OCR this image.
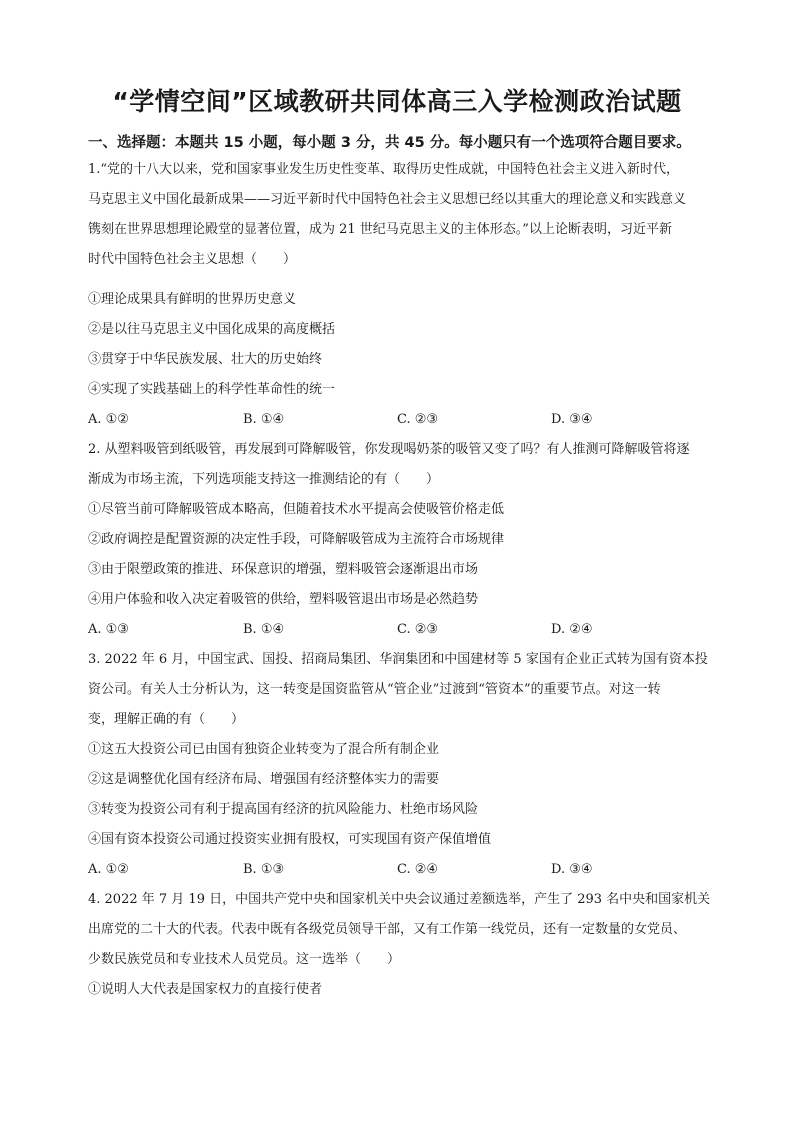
“学情空间”区域教研共同体高三入学检测政治试题
一、选择题：本题共 15 小题，每小题 3 分，共 45 分。每小题只有一个选项符合题目要求。
1.“党的十八大以来，党和国家事业发生历史性变革、取得历史性成就，中国特色社会主义进入新时代，
马克思主义中国化最新成果——习近平新时代中国特色社会主义思想已经以其重大的理论意义和实践意义
镌刻在世界思想理论殿堂的显著位置，成为 21 世纪马克思主义的主体形态。”以上论断表明，习近平新
时代中国特色社会主义思想（　　）
①理论成果具有鲜明的世界历史意义
②是以往马克思主义中国化成果的高度概括
③贯穿于中华民族发展、壮大的历史始终
④实现了实践基础上的科学性革命性的统一
A. ①②	B. ①④	C. ②③	D. ③④
2. 从塑料吸管到纸吸管，再发展到可降解吸管，你发现喝奶茶的吸管又变了吗？有人推测可降解吸管将逐
渐成为市场主流，下列选项能支持这一推测结论的有（　　）
①尽管当前可降解吸管成本略高，但随着技术水平提高会使吸管价格走低
②政府调控是配置资源的决定性手段，可降解吸管成为主流符合市场规律
③由于限塑政策的推进、环保意识的增强，塑料吸管会逐渐退出市场
④用户体验和收入决定着吸管的供给，塑料吸管退出市场是必然趋势
A. ①③	B. ①④	C. ②③	D. ②④
3. 2022 年 6 月，中国宝武、国投、招商局集团、华润集团和中国建材等 5 家国有企业正式转为国有资本投
资公司。有关人士分析认为，这一转变是国资监管从“管企业”过渡到“管资本”的重要节点。对这一转
变，理解正确的有（　　）
①这五大投资公司已由国有独资企业转变为了混合所有制企业
②这是调整优化国有经济布局、增强国有经济整体实力的需要
③转变为投资公司有利于提高国有经济的抗风险能力、杜绝市场风险
④国有资本投资公司通过投资实业拥有股权，可实现国有资产保值增值
A. ①②	B. ①③	C. ②④	D. ③④
4. 2022 年 7 月 19 日，中国共产党中央和国家机关中央会议通过差额选举，产生了 293 名中央和国家机关
出席党的二十大的代表。代表中既有各级党员领导干部，又有工作第一线党员，还有一定数量的女党员、
少数民族党员和专业技术人员党员。这一选举（　　）
①说明人大代表是国家权力的直接行使者
